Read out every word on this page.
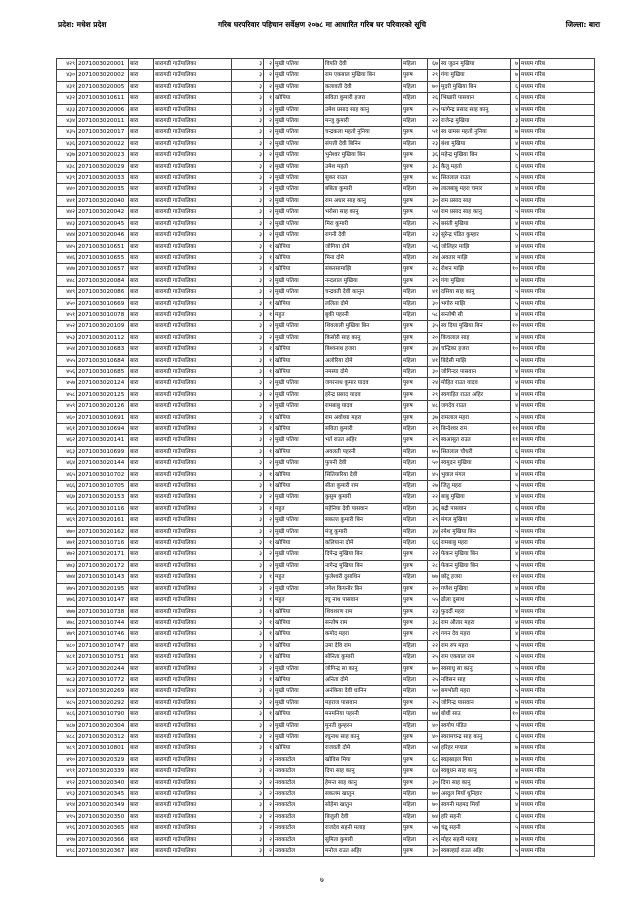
गरिब घरपरिवार पहिचान सर्वेक्षण २०७८ मा आधारित गरिब घर परिवारको सूचि
प्रदेश: मधेश प्रदेश	जिल्ला: बारा
४२९	2071003020001	बारा	बारागढी गाउँपालिका	३	२	मुखी पतिया	विपति देवी	महिला	६७	स्व जुठन मुखिया	७	मध्यम गरिब
४३०	2071003020002	बारा	बारागढी गाउँपालिका	३	२	मुखी पतिया	राम एकबाल मुखिया बिन	पुरुष	२९	गंगा मुखिया	७	मध्यम गरिब
४३१	2071003020005	बारा	बारागढी गाउँपालिका	३	२	मुखी पतिया	कलावती देवी	महिला	७०	मुदरी मुखिया बिन	६	मध्यम गरिब
४३२	2071003010611	बारा	बारागढी गाउँपालिका	३	१	खोपिया	सविता कुमारी हजरा	महिला	२६	भिखारी पासवान	६	मध्यम गरिब
४३३	2071003020006	बारा	बारागढी गाउँपालिका	३	२	मुखी पतिया	उमेश प्रसाद साह कानु	पुरुष	२५	फागेन्द्र प्रसाद साह कानु	४	मध्यम गरिब
४३४	2071003020011	बारा	बारागढी गाउँपालिका	३	२	मुखी पतिया	मन्जु कुमारी	महिला	२२	राजेन्द्र मुखिया	३	मध्यम गरिब
४३५	2071003020017	बारा	बारागढी गाउँपालिका	३	२	मुखी पतिया	चन्द्रकला महतो नुनिया	पुरुष	५१	स्व ग्रामस महतो नुनिया	७	मध्यम गरिब
४३६	2071003020022	बारा	बारागढी गाउँपालिका	३	२	मुखी पतिया	संपत्ती देवी बिनिन	महिला	२३	बंशा मुखिया	४	मध्यम गरिब
४३७	2071003020023	बारा	बारागढी गाउँपालिका	३	२	मुखी पतिया	भुनेश्वर मुखिया बिन	पुरुष	३६	महेन्द्र मुखिया बिन	५	मध्यम गरिब
४३८	2071003020029	बारा	बारागढी गाउँपालिका	३	२	मुखी पतिया	उमेश महतो	पुरुष	३८	कैलु महतो	६	मध्यम गरिब
४३९	2071003020033	बारा	बारागढी गाउँपालिका	३	२	मुखी पतिया	सुकर राउत	पुरुष	४८	सितलाल राउत	५	मध्यम गरिब
४४०	2071003020035	बारा	बारागढी गाउँपालिका	३	२	मुखी पतिया	बबिता कुमारी	महिला	२७	लालबाबु महरा चमार	४	मध्यम गरिब
४४१	2071003020040	बारा	बारागढी गाउँपालिका	३	२	मुखी पतिया	राम अधार साह कानु	पुरुष	३०	राम प्रसाद साह	५	मध्यम गरिब
४४२	2071003020042	बारा	बारागढी गाउँपालिका	३	२	मुखी पतिया	भरोसा साह कानु	पुरुष	५४	राम प्रसाद साह कानु	५	मध्यम गरिब
४४३	2071003020045	बारा	बारागढी गाउँपालिका	३	२	मुखी पतिया	मिरा कुमारी	महिला	२५	बसंती मुखिया	४	मध्यम गरिब
४४४	2071003020046	बारा	बारागढी गाउँपालिका	३	२	मुखी पतिया	रागनी देवी	महिला	२३	सुरेन्द्र पंडित कुम्हार	५	मध्यम गरिब
४४५	2071003010651	बारा	बारागढी गाउँपालिका	३	१	खोपिया	जोगिया दोमे	महिला	५६	जोलिहर माझि	४	मध्यम गरिब
४४६	2071003010655	बारा	बारागढी गाउँपालिका	३	१	खोपिया	मिना दोमे	महिला	२४	अवतार माझि	४	मध्यम गरिब
४४७	2071003010657	बारा	बारागढी गाउँपालिका	३	१	खोपिया	संकरसामाझि	पुरुष	२८	रोशन माझि	१०	मध्यम गरिब
४४८	2071003020084	बारा	बारागढी गाउँपालिका	३	२	मुखी पतिया	नन्दलाल मुखिया	पुरुष	२९	गंगा मुखिया	४	मध्यम गरिब
४४९	2071003020086	बारा	बारागढी गाउँपालिका	३	२	मुखी पतिया	चन्द्रवती देवी कानुन	महिला	४१	दसिया साह कानु	५	मध्यम गरिब
४५०	2071003010669	बारा	बारागढी गाउँपालिका	३	१	खोपिया	ललिता दोमे	महिला	३०	भगोरु माझि	५	मध्यम गरिब
४५१	2071003010078	बारा	बारागढी गाउँपालिका	३	१	महुत	बुकी पहरनी	महिला	५८	सन्तोषी सी	४	मध्यम गरिब
४५२	2071003020109	बारा	बारागढी गाउँपालिका	३	२	मुखी पतिया	शिवलाली मुखिया बिन	पुरुष	३५	स्व दिया मुखिया बिन	१०	मध्यम गरिब
४५३	2071003020112	बारा	बारागढी गाउँपालिका	३	२	मुखी पतिया	किसोरी साह कानु	पुरुष	२०	किचलाल साह	४	मध्यम गरिब
४५४	2071003010683	बारा	बारागढी गाउँपालिका	३	१	खोपिया	बिश्वनाथ हजरा	पुरुष	३४	चन्द्रिका हजरा	१०	मध्यम गरिब
४५५	2071003010684	बारा	बारागढी गाउँपालिका	३	१	खोपिया	अलोरिया दोमे	महिला	४१	बिदेसी माझि	५	मध्यम गरिब
४५६	2071003010685	बारा	बारागढी गाउँपालिका	३	१	खोपिया	नमस्या दोमे	महिला	३०	जोगिन्दर पासवान	४	मध्यम गरिब
४५७	2071003020124	बारा	बारागढी गाउँपालिका	३	२	मुखी पतिया	जगरनाथ कुमार यादव	पुरुष	२४	मोहित राउत यादव	४	मध्यम गरिब
४५८	2071003020125	बारा	बारागढी गाउँपालिका	३	२	मुखी पतिया	हरेन्द्र प्रसाद यादव	पुरुष	२९	स्वगाहित राउत अहिर	४	मध्यम गरिब
४५९	2071003020126	बारा	बारागढी गाउँपालिका	३	२	मुखी पतिया	रामबाबु यादव	पुरुष	४८	जगदेव राउत	४	मध्यम गरिब
४६०	2071003010691	बारा	बारागढी गाउँपालिका	३	१	खोपिया	राम अवोध्या महरा	पुरुष	३७	रामलाल महरा	५	मध्यम गरिब
४६१	2071003010694	बारा	बारागढी गाउँपालिका	३	१	खोपिया	सविता कुमारी	महिला	२९	बिन्देश्वर राम	११	मध्यम गरिब
४६२	2071003020141	बारा	बारागढी गाउँपालिका	३	२	मुखी पतिया	भर्त राउत अहिर	पुरुष	२९	स्वआसुत राउत	११	मध्यम गरिब
४६३	2071003010699	बारा	बारागढी गाउँपालिका	३	१	खोपिया	अवलती पहरनी	महिला	७५	सितलाल चौधरी	६	मध्यम गरिब
४६४	2071003020144	बारा	बारागढी गाउँपालिका	३	२	मुखी पतिया	फुपनी देवी	महिला	५०	स्वमुदन मुखिया	५	मध्यम गरिब
४६५	2071003010702	बारा	बारागढी गाउँपालिका	३	१	खोपिया	सितियारिया देवी	महिला	४५	भुवाल मंगल	४	मध्यम गरिब
४६६	2071003010705	बारा	बारागढी गाउँपालिका	३	१	खोपिया	सीता कुमारी राम	महिला	२७	जितु महरा	५	मध्यम गरिब
४६७	2071003020153	बारा	बारागढी गाउँपालिका	३	२	मुखी पतिया	कुसुम कुमारी	महिला	२२	बाबु मुखिया	४	मध्यम गरिब
४६८	2071003010116	बारा	बारागढी गाउँपालिका	३	१	महुत	महेनिया देवी पासवान	महिला	३६	बद्री पासवान	६	मध्यम गरिब
४६९	2071003020161	बारा	बारागढी गाउँपालिका	३	२	मुखी पतिया	सकल्त कुमारी बिन	महिला	२९	मंगल मुखिया	४	मध्यम गरिब
४७०	2071003020162	बारा	बारागढी गाउँपालिका	३	२	मुखी पतिया	मंजु कुमारी	महिला	३४	रमेश मुखिया बिन	५	मध्यम गरिब
४७१	2071003010716	बारा	बारागढी गाउँपालिका	३	१	खोपिया	कलियाना दोमे	महिला	६६	रामबाबु महरा	४	मध्यम गरिब
४७२	2071003020171	बारा	बारागढी गाउँपालिका	३	२	मुखी पतिया	दिपेन्द्र मुखिया बिन	पुरुष	२२	फेकन मुखिया बिन	४	मध्यम गरिब
४७३	2071003020172	बारा	बारागढी गाउँपालिका	३	२	मुखी पतिया	नागेन्द्र मुखिया बिन	पुरुष	२८	फेकन मुखिया बिन	५	मध्यम गरिब
४७४	2071003010143	बारा	बारागढी गाउँपालिका	३	१	महुत	फुलेश्वरी दुसाधिन	महिला	७७	छोटू हजरा	११	मध्यम गरिब
४७५	2071003020195	बारा	बारागढी गाउँपालिका	३	२	मुखी पतिया	नगेश कियनोर बिन	पुरुष	२०	गणेश मुखिया	४	मध्यम गरिब
४७६	2071003010147	बारा	बारागढी गाउँपालिका	३	१	महुत	रघु नाथ पासवान	पुरुष	५५	ढोला दुसाध	५	मध्यम गरिब
४७७	2071003010738	बारा	बारागढी गाउँपालिका	३	१	खोपिया	शिवशरण राम	पुरुष	२३	फुदर्दी महरा	४	मध्यम गरिब
४७८	2071003010744	बारा	बारागढी गाउँपालिका	३	१	खोपिया	सन्तोष राम	पुरुष	३८	राम औतार महरा	४	मध्यम गरिब
४७९	2071003010746	बारा	बारागढी गाउँपालिका	३	१	खोपिया	कमोद महरा	पुरुष	२९	गगन देव महरा	४	मध्यम गरिब
४८०	2071003010747	बारा	बारागढी गाउँपालिका	३	१	खोपिया	उमा देवि राम	महिला	२२	राम रुप महरा	५	मध्यम गरिब
४८१	2071003010751	बारा	बारागढी गाउँपालिका	३	१	खोपिया	सोनिता कुमारी	महिला	२५	राम एकबाल राम	५	मध्यम गरिब
४८२	2071003020244	बारा	बारागढी गाउँपालिका	३	२	मुखी पतिया	जोगिन्द्र सा कानु	पुरुष	७०	स्वसाधु सा कानु	५	मध्यम गरिब
४८३	2071003010772	बारा	बारागढी गाउँपालिका	३	१	खोपिया	अनिता दोमे	महिला	२५	नविसन साह	५	मध्यम गरिब
४८४	2071003020269	बारा	बारागढी गाउँपालिका	३	२	मुखी पतिया	अनंकिया देवी धानिन	महिला	५०	बमभोली महरा	५	मध्यम गरिब
४८५	2071003020292	बारा	बारागढी गाउँपालिका	३	२	मुखी पतिया	महराज पासवान	पुरुष	२५	जोगिन्द्र पासवान	७	मध्यम गरिब
४८६	2071003010790	बारा	बारागढी गाउँपालिका	३	१	खोपिया	मनमनिया पहरनी	महिला	७४	बोधी साउ	१०	मध्यम गरिब
४८७	2071003020304	बारा	बारागढी गाउँपालिका	३	२	मुखी पतिया	मुनती कुम्हरन	महिला	४०	स्वगोप पंडित	५	मध्यम गरिब
४८८	2071003020312	बारा	बारागढी गाउँपालिका	३	२	मुखी पतिया	रघुनाथ साह कानु	पुरुष	४०	स्वरामचन्द्र साह कानु	६	मध्यम गरिब
४८९	2071003010801	बारा	बारागढी गाउँपालिका	३	१	खोपिया	राजवती दोमे	महिला	५४	हरिहर मण्डल	७	मध्यम गरिब
४९०	2071003020329	बारा	बारागढी गाउँपालिका	३	२	नवकाटोल	खोविस मिया	पुरुष	६८	स्वइस्राइल मिया	७	मध्यम गरिब
४९१	2071003020339	बारा	बारागढी गाउँपालिका	३	२	नवकाटोल	दिपा साह कानु	पुरुष	६४	स्वबुधन साह कानु	४	मध्यम गरिब
४९२	2071003020340	बारा	बारागढी गाउँपालिका	३	२	नवकाटोल	हेमन्त साह कानु	पुरुष	३०	दिपा साह कानु	७	मध्यम गरिब
४९३	2071003020345	बारा	बारागढी गाउँपालिका	३	२	नवकाटोल	सकलम खातुन	महिला	७०	अब्दुल मियाँ धुनिहार	५	मध्यम गरिब
४९४	2071003020349	बारा	बारागढी गाउँपालिका	३	२	नवकाटोल	सोहेमा खातुन	महिला	७०	स्वगनी महमद मियाँ	४	मध्यम गरिब
४९५	2071003020350	बारा	बारागढी गाउँपालिका	३	२	नवकाटोल	बिजुली देवी	महिला	७४	हरि सहनी	६	मध्यम गरिब
४९६	2071003020365	बारा	बारागढी गाउँपालिका	३	२	नवकाटोल	राजदेव सहनी मलाह	पुरुष	५७	चंद्रु सहनी	५	मध्यम गरिब
४९७	2071003020366	बारा	बारागढी गाउँपालिका	३	२	नवकाटोल	सुमिता कुमारी	महिला	२९	मोहर सहनी मलाह	७	मध्यम गरिब
४९८	2071003020367	बारा	बारागढी गाउँपालिका	३	२	नवकाटोल	मनोज राउत अहिर	पुरुष	३०	स्वबल्हाई राउत अहिर	५	मध्यम गरिब
७
